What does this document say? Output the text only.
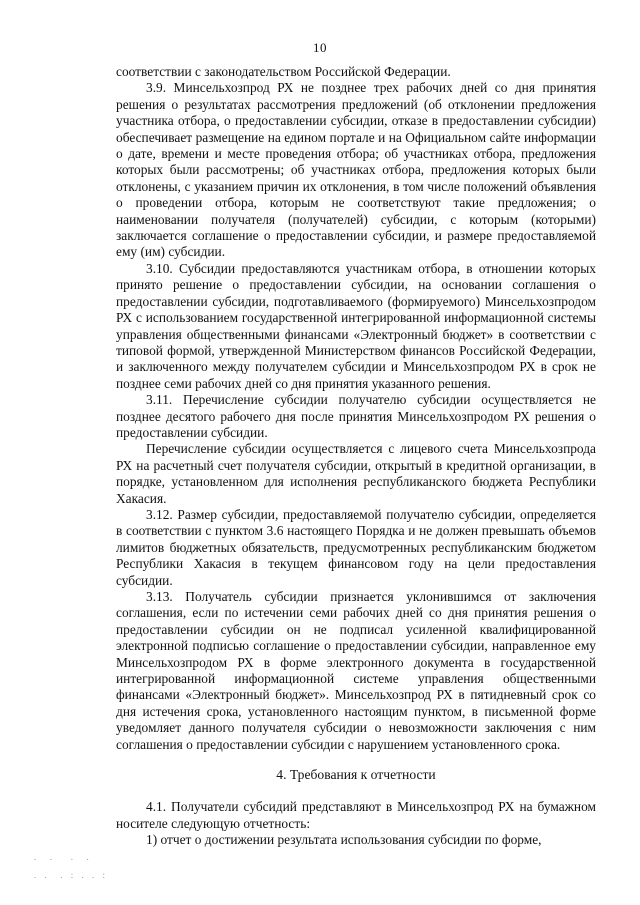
10

соответствии с законодательством Российской Федерации.

3.9. Минсельхозпрод РХ не позднее трех рабочих дней со дня принятия решения о результатах рассмотрения предложений (об отклонении предложения участника отбора, о предоставлении субсидии, отказе в предоставлении субсидии) обеспечивает размещение на едином портале и на Официальном сайте информации о дате, времени и месте проведения отбора; об участниках отбора, предложения которых были рассмотрены; об участниках отбора, предложения которых были отклонены, с указанием причин их отклонения, в том числе положений объявления о проведении отбора, которым не соответствуют такие предложения; о наименовании получателя (получателей) субсидии, с которым (которыми) заключается соглашение о предоставлении субсидии, и размере предоставляемой ему (им) субсидии.

3.10. Субсидии предоставляются участникам отбора, в отношении которых принято решение о предоставлении субсидии, на основании соглашения о предоставлении субсидии, подготавливаемого (формируемого) Минсельхозпродом РХ с использованием государственной интегрированной информационной системы управления общественными финансами «Электронный бюджет» в соответствии с типовой формой, утвержденной Министерством финансов Российской Федерации, и заключенного между получателем субсидии и Минсельхозпродом РХ в срок не позднее семи рабочих дней со дня принятия указанного решения.

3.11. Перечисление субсидии получателю субсидии осуществляется не позднее десятого рабочего дня после принятия Минсельхозпродом РХ решения о предоставлении субсидии.

Перечисление субсидии осуществляется с лицевого счета Минсельхозпрода РХ на расчетный счет получателя субсидии, открытый в кредитной организации, в порядке, установленном для исполнения республиканского бюджета Республики Хакасия.

3.12. Размер субсидии, предоставляемой получателю субсидии, определяется в соответствии с пунктом 3.6 настоящего Порядка и не должен превышать объемов лимитов бюджетных обязательств, предусмотренных республиканским бюджетом Республики Хакасия в текущем финансовом году на цели предоставления субсидии.

3.13. Получатель субсидии признается уклонившимся от заключения соглашения, если по истечении семи рабочих дней со дня принятия решения о предоставлении субсидии он не подписал усиленной квалифицированной электронной подписью соглашение о предоставлении субсидии, направленное ему Минсельхозпродом РХ в форме электронного документа в государственной интегрированной информационной системе управления общественными финансами «Электронный бюджет». Минсельхозпрод РХ в пятидневный срок со дня истечения срока, установленного настоящим пунктом, в письменной форме уведомляет данного получателя субсидии о невозможности заключения с ним соглашения о предоставлении субсидии с нарушением установленного срока.

4. Требования к отчетности

4.1. Получатели субсидий представляют в Минсельхозпрод РХ на бумажном носителе следующую отчетность:

1) отчет о достижении результата использования субсидии по форме,

.  .   .  .
. .  . : . . :
